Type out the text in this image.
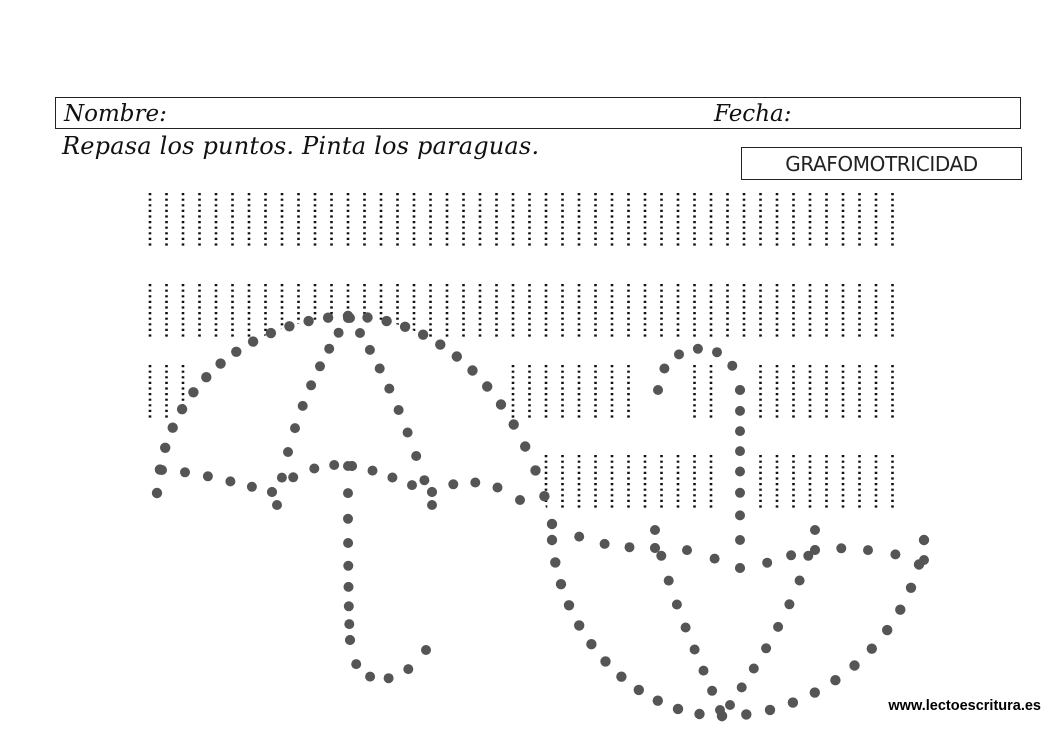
Nombre:	Fecha:
Repasa los puntos. Pinta los paraguas.
GRAFOMOTRICIDAD
www.lectoescritura.es
